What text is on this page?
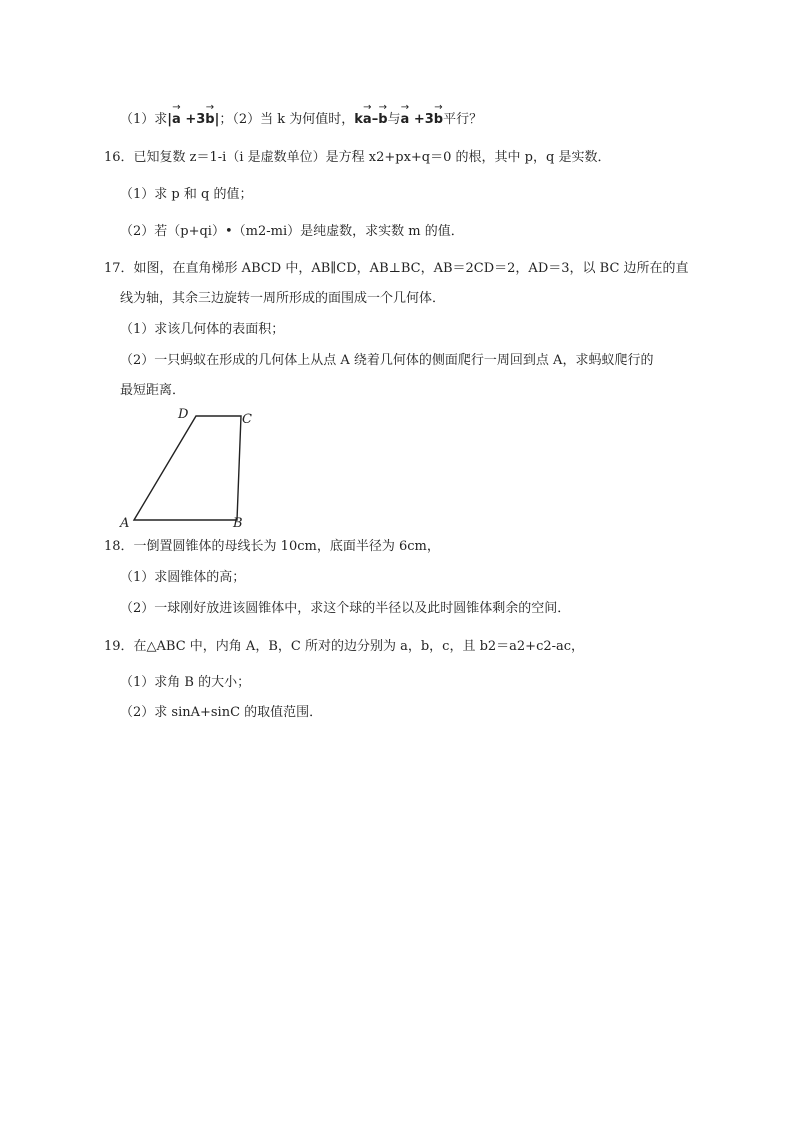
（1）求|→ a +3→ b|；（2）当 k 为何值时，k→ a–→ b与→ a +3→ b平行？
16．已知复数 z＝1-i（i 是虚数单位）是方程 x2+px+q＝0 的根，其中 p，q 是实数．
（1）求 p 和 q 的值；
（2）若（p+qi）•（m2-mi）是纯虚数，求实数 m 的值．
17．如图，在直角梯形 ABCD 中，AB∥CD，AB⊥BC，AB＝2CD＝2，AD＝3，以 BC 边所在的直
线为轴，其余三边旋转一周所形成的面围成一个几何体．
（1）求该几何体的表面积；
（2）一只蚂蚁在形成的几何体上从点 A 绕着几何体的侧面爬行一周回到点 A，求蚂蚁爬行的
最短距离．
D	C
A	B
18．一倒置圆锥体的母线长为 10cm，底面半径为 6cm，
（1）求圆锥体的高；
（2）一球刚好放进该圆锥体中，求这个球的半径以及此时圆锥体剩余的空间．
19．在△ABC 中，内角 A，B，C 所对的边分别为 a，b，c，且 b2＝a2+c2-ac，
（1）求角 B 的大小；
（2）求 sinA+sinC 的取值范围．
